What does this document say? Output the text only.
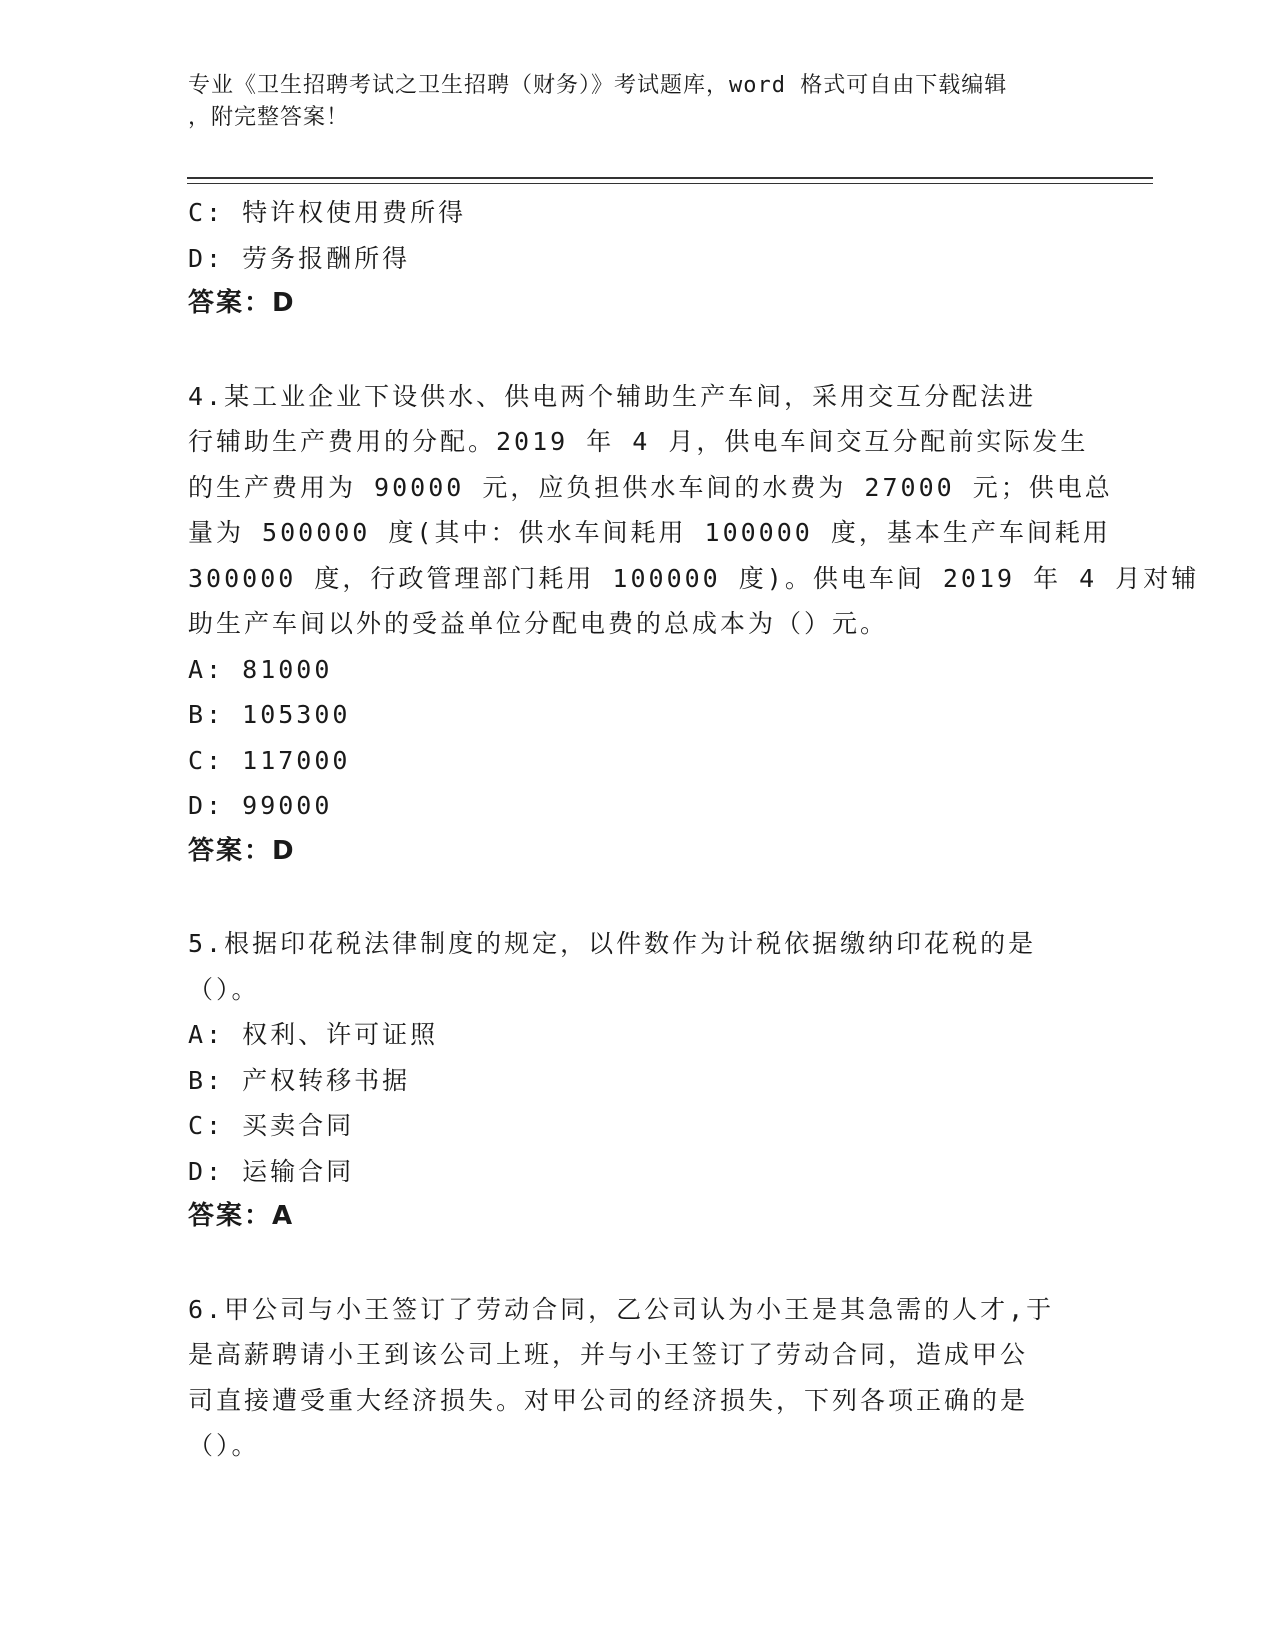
专业《卫生招聘考试之卫生招聘（财务）》考试题库，word 格式可自由下载编辑
，附完整答案！
C: 特许权使用费所得
D: 劳务报酬所得
答案：D
4.某工业企业下设供水、供电两个辅助生产车间，采用交互分配法进
行辅助生产费用的分配。2019 年 4 月，供电车间交互分配前实际发生
的生产费用为 90000 元，应负担供水车间的水费为 27000 元；供电总
量为 500000 度(其中：供水车间耗用 100000 度，基本生产车间耗用
300000 度，行政管理部门耗用 100000 度)。供电车间 2019 年 4 月对辅
助生产车间以外的受益单位分配电费的总成本为（）元。
A: 81000
B: 105300
C: 117000
D: 99000
答案：D
5.根据印花税法律制度的规定，以件数作为计税依据缴纳印花税的是
（）。
A: 权利、许可证照
B: 产权转移书据
C: 买卖合同
D: 运输合同
答案：A
6.甲公司与小王签订了劳动合同，乙公司认为小王是其急需的人才,于
是高薪聘请小王到该公司上班，并与小王签订了劳动合同，造成甲公
司直接遭受重大经济损失。对甲公司的经济损失，下列各项正确的是
（）。
